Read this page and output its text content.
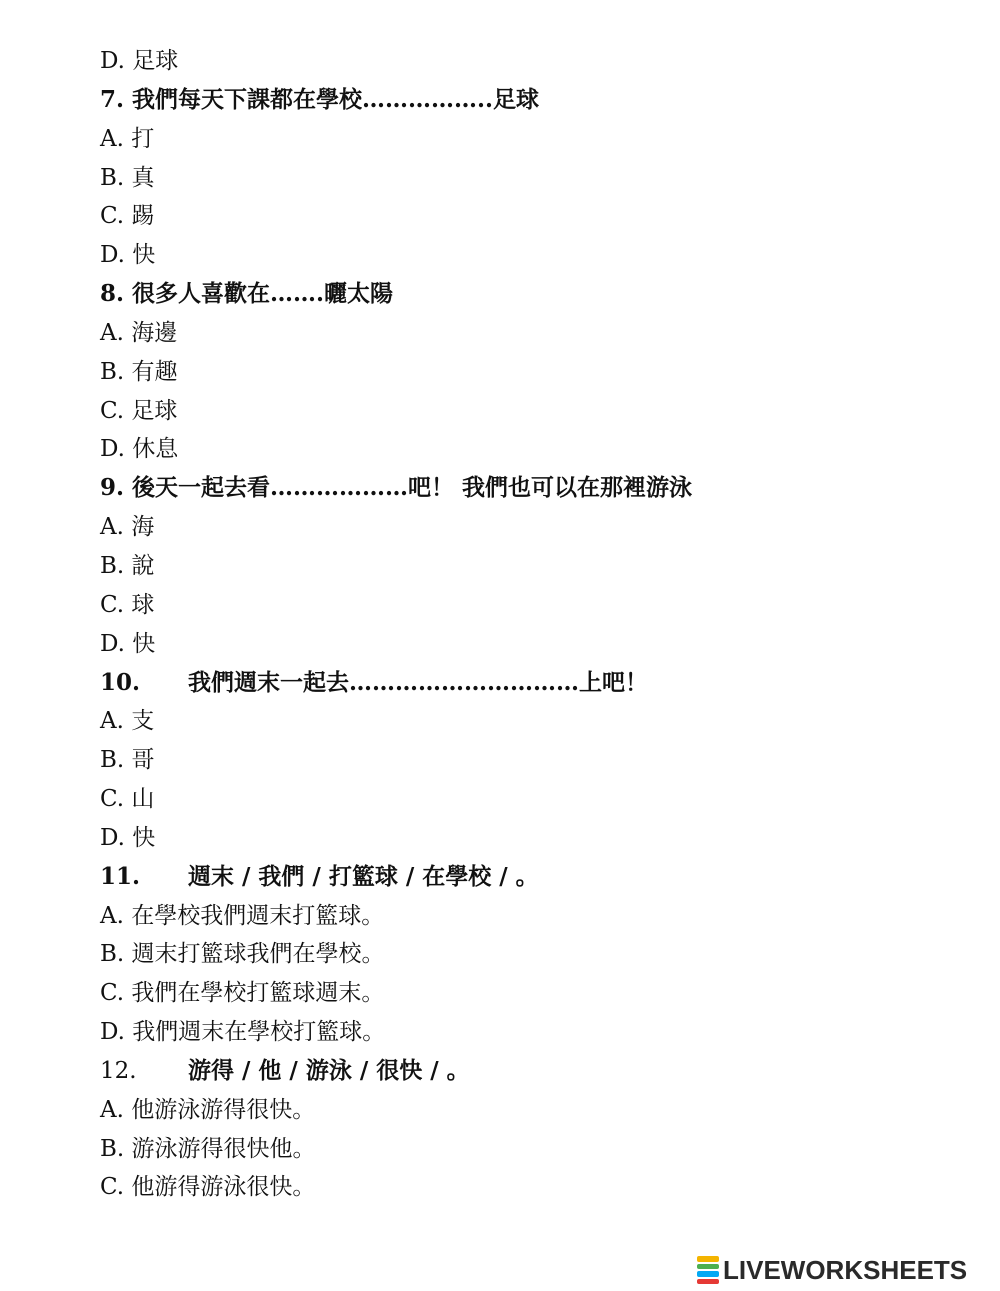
D. 足球
7. 我們每天下課都在學校……………..足球
A. 打
B. 真
C. 踢
D. 快
8. 很多人喜歡在…….曬太陽
A. 海邊
B. 有趣
C. 足球
D. 休息
9. 後天一起去看………………吧！ 我們也可以在那裡游泳
A. 海
B. 說
C. 球
D. 快
10. 我們週末一起去…………………………上吧！
A. 支
B. 哥
C. 山
D. 快
11. 週末 / 我們 / 打籃球 / 在學校 / 。
A. 在學校我們週末打籃球。
B. 週末打籃球我們在學校。
C. 我們在學校打籃球週末。
D. 我們週末在學校打籃球。
12. 游得 / 他 / 游泳 / 很快 / 。
A. 他游泳游得很快。
B. 游泳游得很快他。
C. 他游得游泳很快。
LIVEWORKSHEETS
